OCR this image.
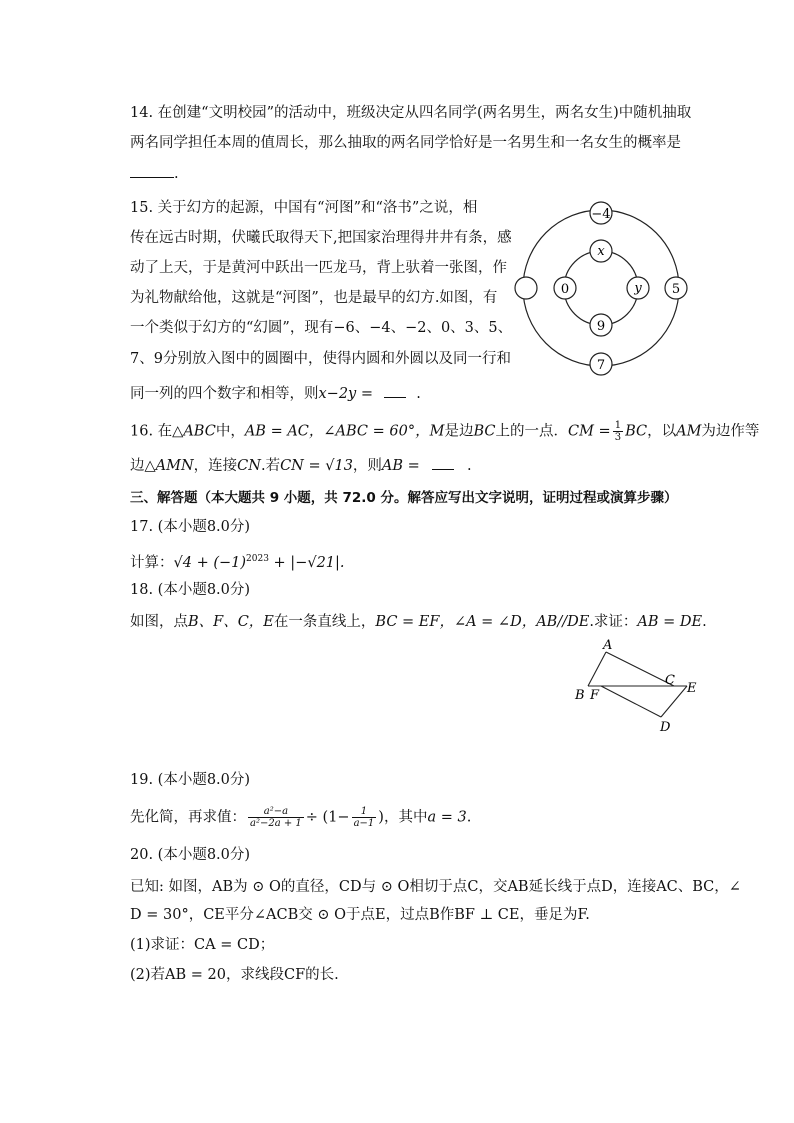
14. 在创建“文明校园”的活动中，班级决定从四名同学(两名男生，两名女生)中随机抽取
两名同学担任本周的值周长，那么抽取的两名同学恰好是一名男生和一名女生的概率是
.
15. 关于幻方的起源，中国有“河图”和“洛书”之说，相
传在远古时期，伏曦氏取得天下,把国家治理得井井有条，感
动了上天，于是黄河中跃出一匹龙马，背上驮着一张图，作
为礼物献给他，这就是“河图”，也是最早的幻方.如图，有
一个类似于幻方的“幻圆”，现有−6、−4、−2、0、3、5、
7、9分别放入图中的圆圈中，使得内圆和外圆以及同一行和
同一列的四个数字和相等，则x−2y =	.
−4
7
5
x
9
0	y
16. 在△ABC中，AB = AC，∠ABC = 60°，M是边BC上的一点．CM = $\frac{1}{3}$ BC，以AM为边作等
边△AMN，连接CN.若CN = √13，则AB =	.
三、解答题（本大题共 9 小题，共 72.0 分。解答应写出文字说明，证明过程或演算步骤）
17. (本小题8.0分)
计算：$√4 + (-1)^{2023} + |-√21|$.
18. (本小题8.0分)
如图，点B、F、C，E在一条直线上，BC = EF，∠A = ∠D，AB//DE.求证：AB = DE.
A
B F
C
E
D
19. (本小题8.0分)
先化简，再求值： $\frac{\text{a²−a}}{\text{a²−2a + 1}} \div (1- \frac{1}{a-1}$ )，其中a = 3.
20. (本小题8.0分)
已知: 如图，AB为 ⊙ O的直径，CD与 ⊙ O相切于点C，交AB延长线于点D，连接AC、BC，∠
D = 30°，CE平分∠ACB交 ⊙ O于点E，过点B作BF ⊥ CE，垂足为F.
(1)求证：CA = CD；
(2)若AB = 20，求线段CF的长.
